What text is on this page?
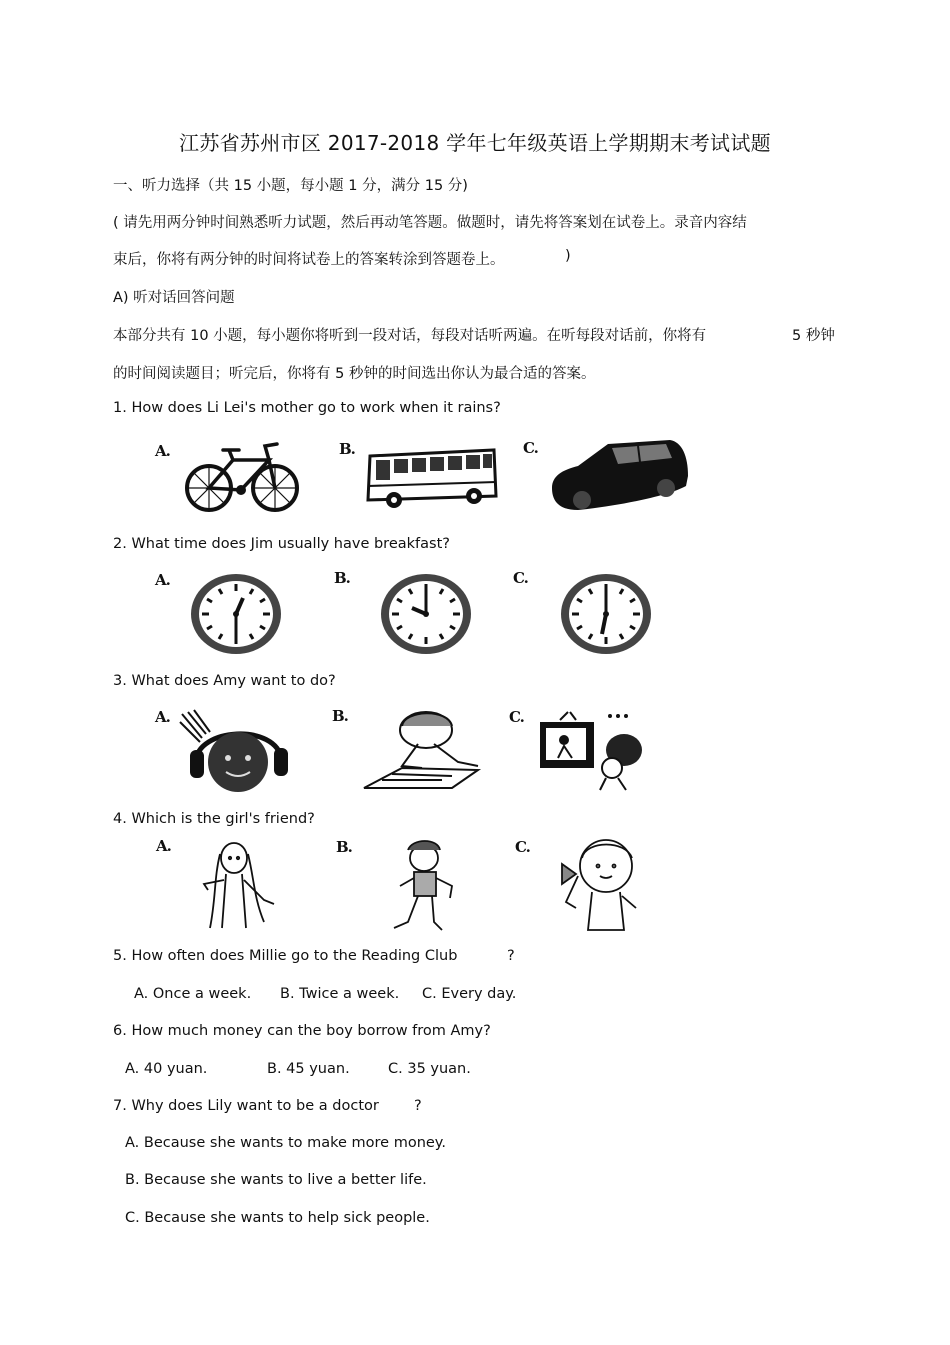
江苏省苏州市区 2017-2018 学年七年级英语上学期期末考试试题
一、听力选择（共 15 小题，每小题 1 分，满分 15 分)
( 请先用两分钟时间熟悉听力试题，然后再动笔答题。做题时，请先将答案划在试卷上。录音内容结
束后，你将有两分钟的时间将试卷上的答案转涂到答题卷上。	)
A) 听对话回答问题
本部分共有 10 小题，每小题你将听到一段对话，每段对话听两遍。在听每段对话前，你将有	5 秒钟
的时间阅读题目；听完后，你将有 5 秒钟的时间选出你认为最合适的答案。
1. How does Li Lei's mother go to work when it rains?
A.	B.	C.
2. What time does Jim usually have breakfast?
A.	B.	C.
3. What does Amy want to do?
A.	B.	C.
4. Which is the girl's friend?
A.	B.	C.
5. How often does Millie go to the Reading Club	?
A. Once a week. B. Twice a week. C. Every day.
6. How much money can the boy borrow from Amy?
A. 40 yuan.	B. 45 yuan.	C. 35 yuan.
7. Why does Lily want to be a doctor ?
A. Because she wants to make more money.
B. Because she wants to live a better life.
C. Because she wants to help sick people.
